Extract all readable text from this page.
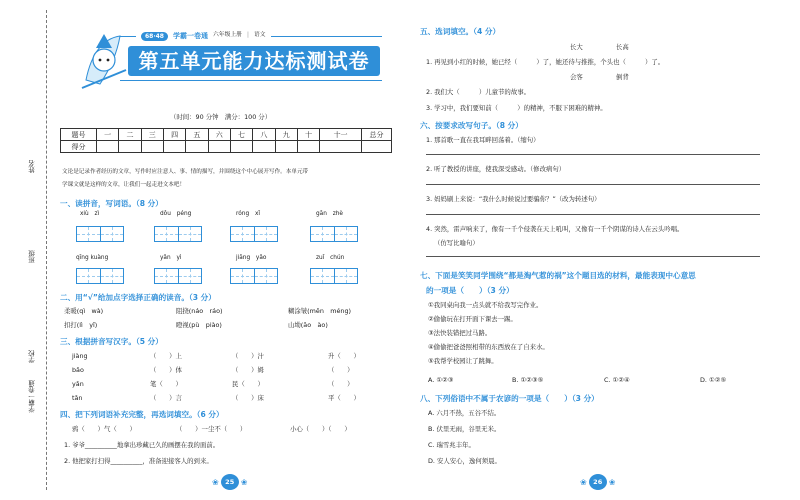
姓名
班级
学校
学霸一卷通
68·48	学霸一卷通 六年级上册 | 语文
第五单元能力达标测试卷
（时间：90 分钟　满分：100 分）
题号	一	二	三	四	五	六	七	八	九	十	十一	总分
得分												
文论是记录作者经历的文章，写作时应注意人、事、情的描写，并围绕这个中心展开写作。本单元带
学课文就是这样的文章，让我们一起走进文本吧！
一、读拼音，写词语。（8 分）
xiù　zì	dǒu　péng	róng　xǐ	gān　zhè
qīng kuàng	yǎn　yì	jiāng　yǎo	zuǐ　chún
二、用“√”给加点字选择正确的读音。（3 分）
柔暖(qì　wà)	阻挠(náo　ráo)	糊涂皱(mēn　méng)
扣打(lì　yǐ)	瞪视(pù　piào)	山坳(āo　ào)
三、根据拼音写汉字。（5 分）
jiàng	（　　）上	（　　）汁	升（　　）
bǎo	（　　）体	（　　）姆	（　　）
yǎn	笔（　　）	民（　　）	（　　）
tǎn	（　　）言	（　　）床	平（　　）
四、把下列词语补充完整，再选词填空。（6 分）
鸦（　　）气（　　）	（　　）一尘不（　　）	小心（　　）（　　）
1. 爷爷__________地拿出珍藏已久的画摆在我的面前。
2. 他把家打扫得__________，准备迎接客人的到来。
❀ 25 ❀
五、选词填空。（4 分）
长大	长高
会客	倒背
1. 再见到小红的时候，她已经（　　　）了，她还待与推推，个头也（　　　）了。
2. 我们大（　　　）儿童节的故事。
3. 学习中，我们要知前（　　　）的精神，不服下困难的精神。
六、按要求改写句子。（8 分）
1. 那首歌一直在我耳畔回荡着。（缩句）
2. 听了教授的讲座，使我深受感动。（修改病句）
3. 妈妈刷上来说：“我什么时候说过要骗你？”（改为转述句）
4. 突然，雷声响来了，像有一千个侵袭在天上吼叫，又像有一千个阴谋的诗人在云头吟唱。
（仿写比喻句）
七、下面是笑笑同学围绕“都是淘气惹的祸”这个题目选的材料，最能表现中心意思
的一项是（　　）（3 分）
①我同桌向我一点头就不给我写完作业。
②偷偷玩在打开面下课去一踢。
③法快装错把过马路。
④偷偷把爸爸照相带的东西放在了自来水。
⑤我帮学校园让了跳舞。
A. ①②③	B. ①②③⑤	C. ①②④	D. ①②⑤
八、下列俗语中不属于农谚的一项是（　　）（3 分）
A. 六月不热，五谷不结。
B. 伏里无雨，谷里无米。
C. 瑞雪兆丰年。
D. 安人安心，逸何须晨。
❀ 26 ❀
